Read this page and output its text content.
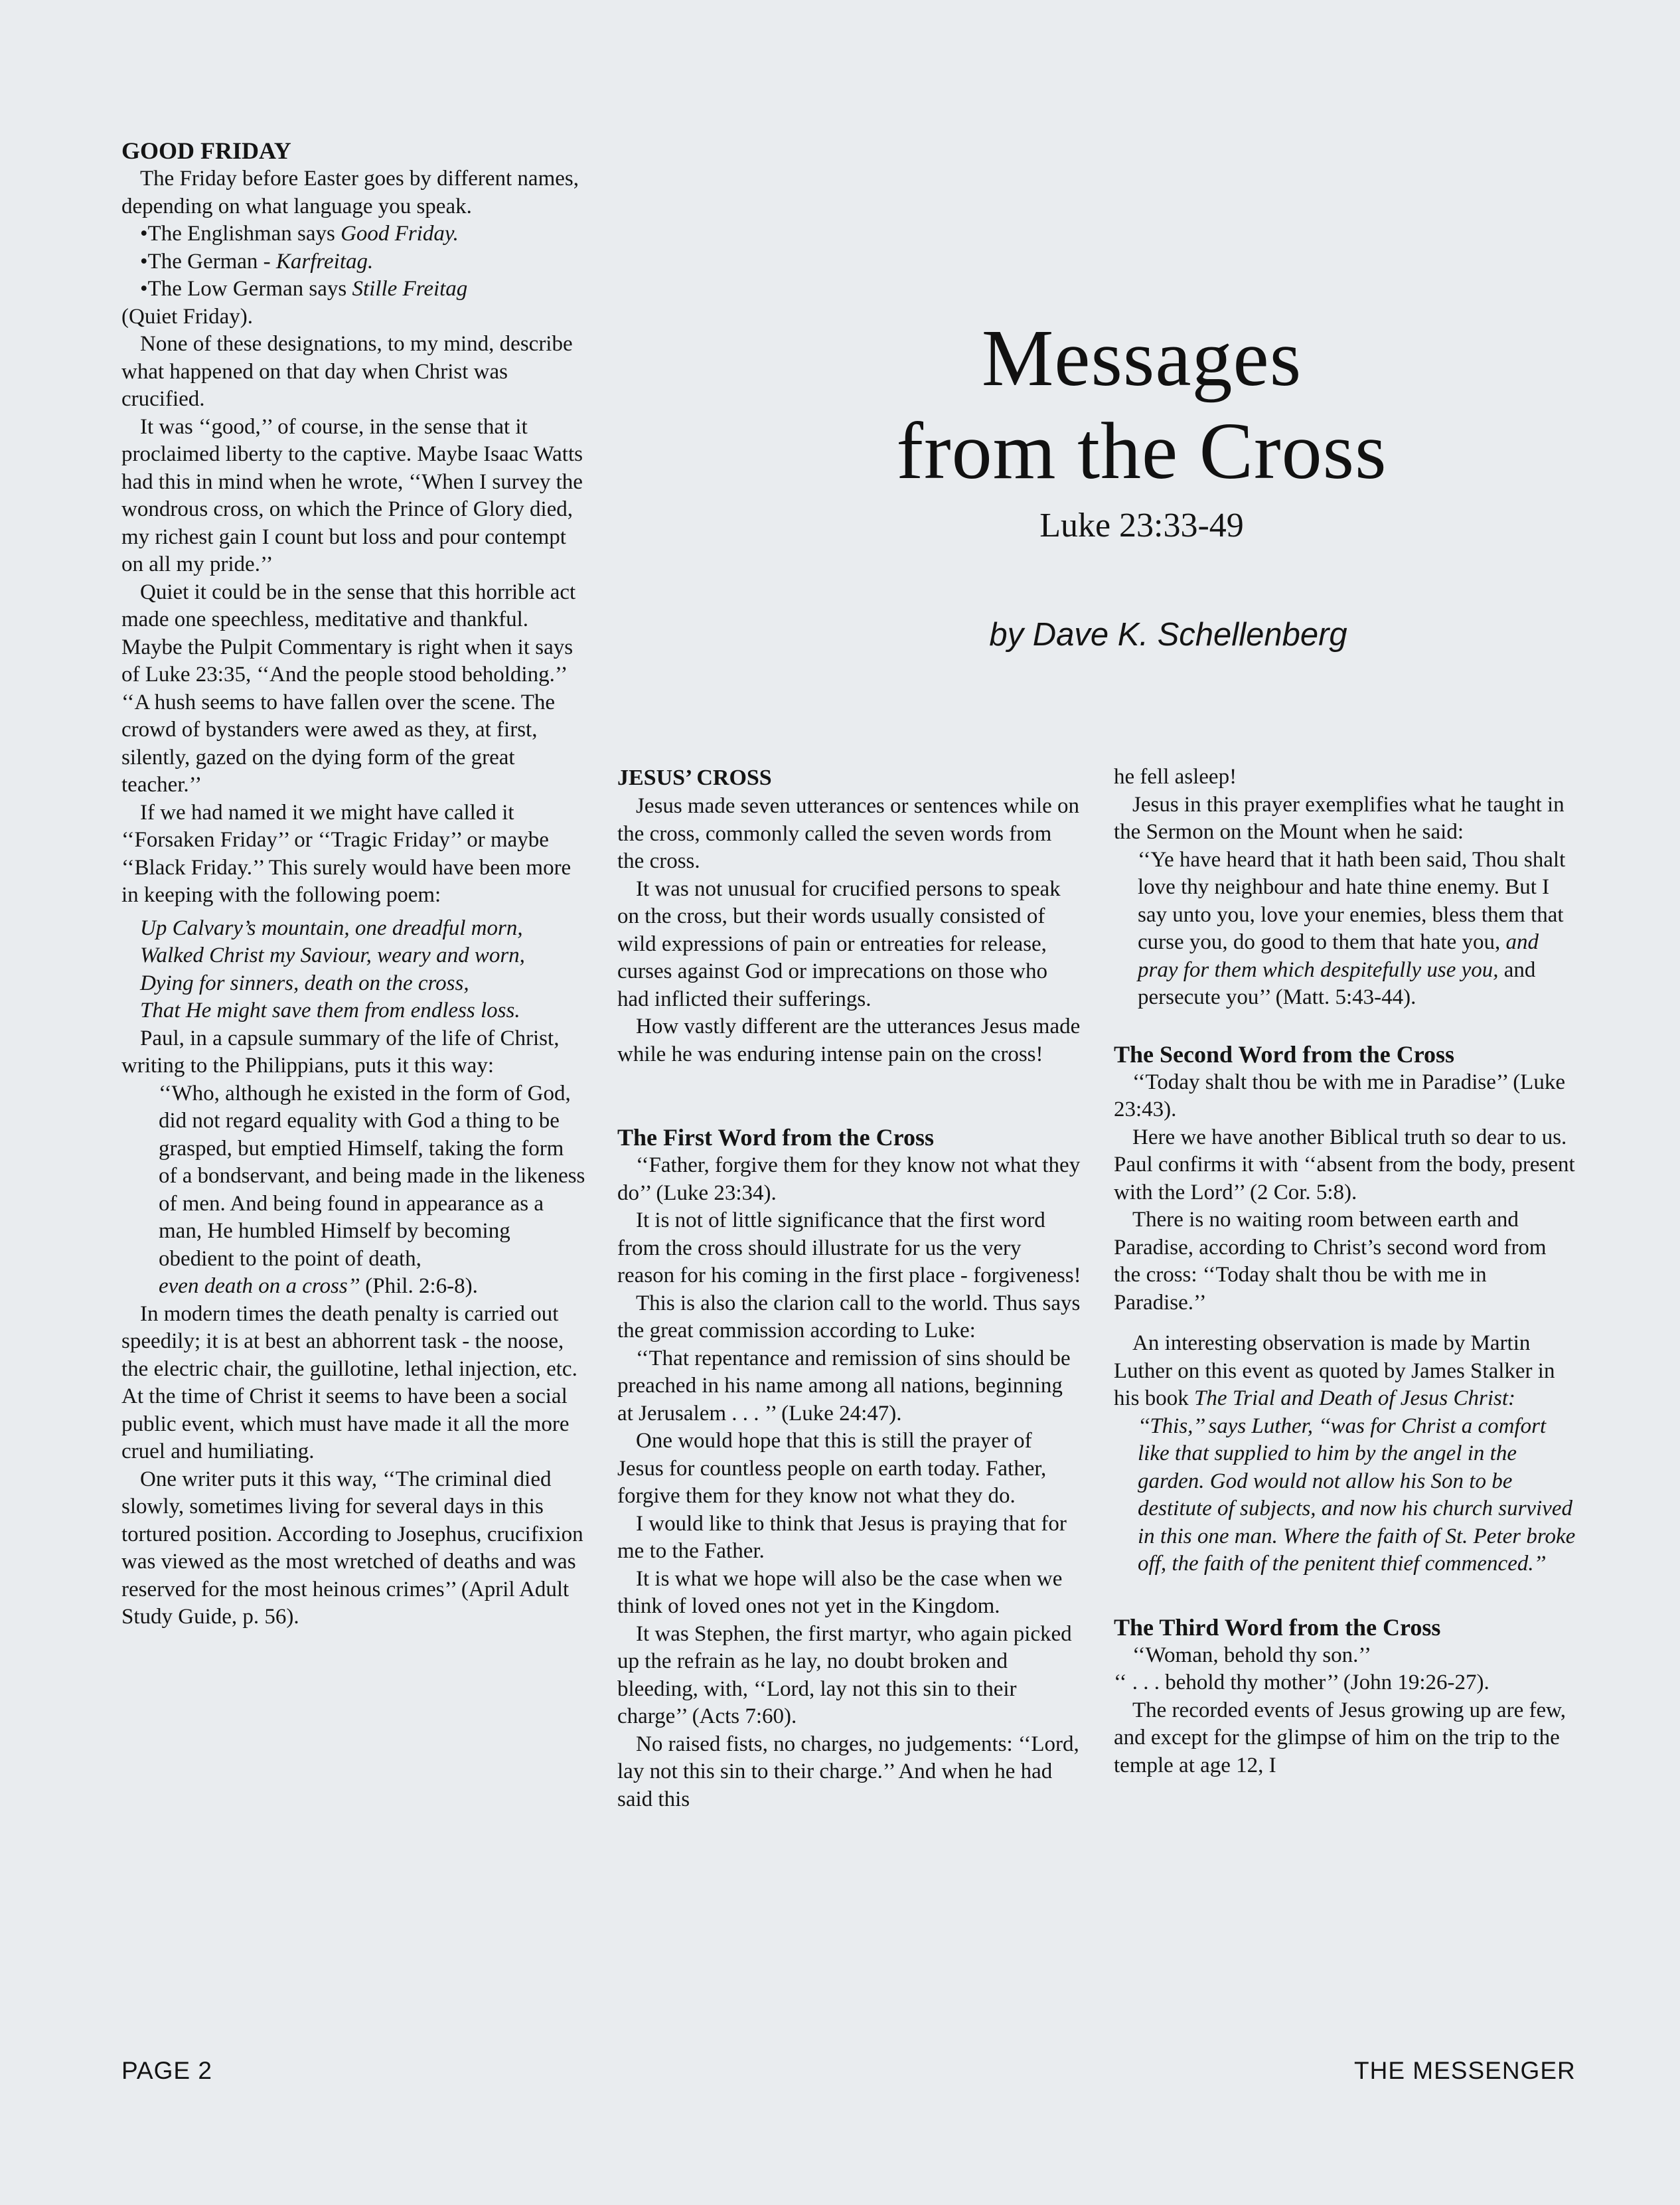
GOOD FRIDAY

The Friday before Easter goes by different names, depending on what language you speak.

•The Englishman says Good Friday.

•The German - Karfreitag.

•The Low German says Stille Freitag
(Quiet Friday).

None of these designations, to my mind, describe what happened on that day when Christ was crucified.

It was ‘‘good,’’ of course, in the sense that it proclaimed liberty to the captive. Maybe Isaac Watts had this in mind when he wrote, ‘‘When I survey the wondrous cross, on which the Prince of Glory died, my richest gain I count but loss and pour contempt on all my pride.’’

Quiet it could be in the sense that this horrible act made one speechless, meditative and thankful. Maybe the Pulpit Commentary is right when it says of Luke 23:35, ‘‘And the people stood beholding.’’ ‘‘A hush seems to have fallen over the scene. The crowd of bystanders were awed as they, at first, silently, gazed on the dying form of the great teacher.’’

If we had named it we might have called it ‘‘Forsaken Friday’’ or ‘‘Tragic Friday’’ or maybe ‘‘Black Friday.’’ This surely would have been more in keeping with the following poem:

Up Calvary’s mountain, one dreadful morn,

Walked Christ my Saviour, weary and worn,

Dying for sinners, death on the cross,

That He might save them from endless loss.

Paul, in a capsule summary of the life of Christ, writing to the Philippians, puts it this way:

‘‘Who, although he existed in the form of God, did not regard equality with God a thing to be grasped, but emptied Himself, taking the form of a bondservant, and being made in the likeness of men. And being found in appearance as a man, He humbled Himself by becoming obedient to the point of death,
even death on a cross’’ (Phil. 2:6-8).

In modern times the death penalty is carried out speedily; it is at best an abhorrent task - the noose, the electric chair, the guillotine, lethal injection, etc. At the time of Christ it seems to have been a social public event, which must have made it all the more cruel and humiliating.

One writer puts it this way, ‘‘The criminal died slowly, sometimes living for several days in this tortured position. According to Josephus, crucifixion was viewed as the most wretched of deaths and was reserved for the most heinous crimes’’ (April Adult Study Guide, p. 56).

Messages
from the Cross
Luke 23:33-49
by Dave K. Schellenberg
JESUS’ CROSS

Jesus made seven utterances or sentences while on the cross, commonly called the seven words from the cross.

It was not unusual for crucified persons to speak on the cross, but their words usually consisted of wild expressions of pain or entreaties for release, curses against God or imprecations on those who had inflicted their sufferings.

How vastly different are the utterances Jesus made while he was enduring intense pain on the cross!

The First Word from the Cross

‘‘Father, forgive them for they know not what they do’’ (Luke 23:34).

It is not of little significance that the first word from the cross should illustrate for us the very reason for his coming in the first place - forgiveness!

This is also the clarion call to the world. Thus says the great commission according to Luke:

‘‘That repentance and remission of sins should be preached in his name among all nations, beginning at Jerusalem . . . ’’ (Luke 24:47).

One would hope that this is still the prayer of Jesus for countless people on earth today. Father, forgive them for they know not what they do.

I would like to think that Jesus is praying that for me to the Father.

It is what we hope will also be the case when we think of loved ones not yet in the Kingdom.

It was Stephen, the first martyr, who again picked up the refrain as he lay, no doubt broken and bleeding, with, ‘‘Lord, lay not this sin to their charge’’ (Acts 7:60).

No raised fists, no charges, no judgements: ‘‘Lord, lay not this sin to their charge.’’ And when he had said this

he fell asleep!

Jesus in this prayer exemplifies what he taught in the Sermon on the Mount when he said:

‘‘Ye have heard that it hath been said, Thou shalt love thy neighbour and hate thine enemy. But I say unto you, love your enemies, bless them that curse you, do good to them that hate you, and pray for them which despitefully use you, and persecute you’’ (Matt. 5:43-44).

The Second Word from the Cross

‘‘Today shalt thou be with me in Paradise’’ (Luke 23:43).

Here we have another Biblical truth so dear to us. Paul confirms it with ‘‘absent from the body, present with the Lord’’ (2 Cor. 5:8).

There is no waiting room between earth and Paradise, according to Christ’s second word from the cross: ‘‘Today shalt thou be with me in Paradise.’’

An interesting observation is made by Martin Luther on this event as quoted by James Stalker in his book The Trial and Death of Jesus Christ:

‘‘This,’’ says Luther, ‘‘was for Christ a comfort like that supplied to him by the angel in the garden. God would not allow his Son to be destitute of subjects, and now his church survived in this one man. Where the faith of St. Peter broke off, the faith of the penitent thief commenced.’’

The Third Word from the Cross

‘‘Woman, behold thy son.’’

‘‘ . . . behold thy mother’’ (John 19:26-27).

The recorded events of Jesus growing up are few, and except for the glimpse of him on the trip to the temple at age 12, I

PAGE 2	THE MESSENGER
